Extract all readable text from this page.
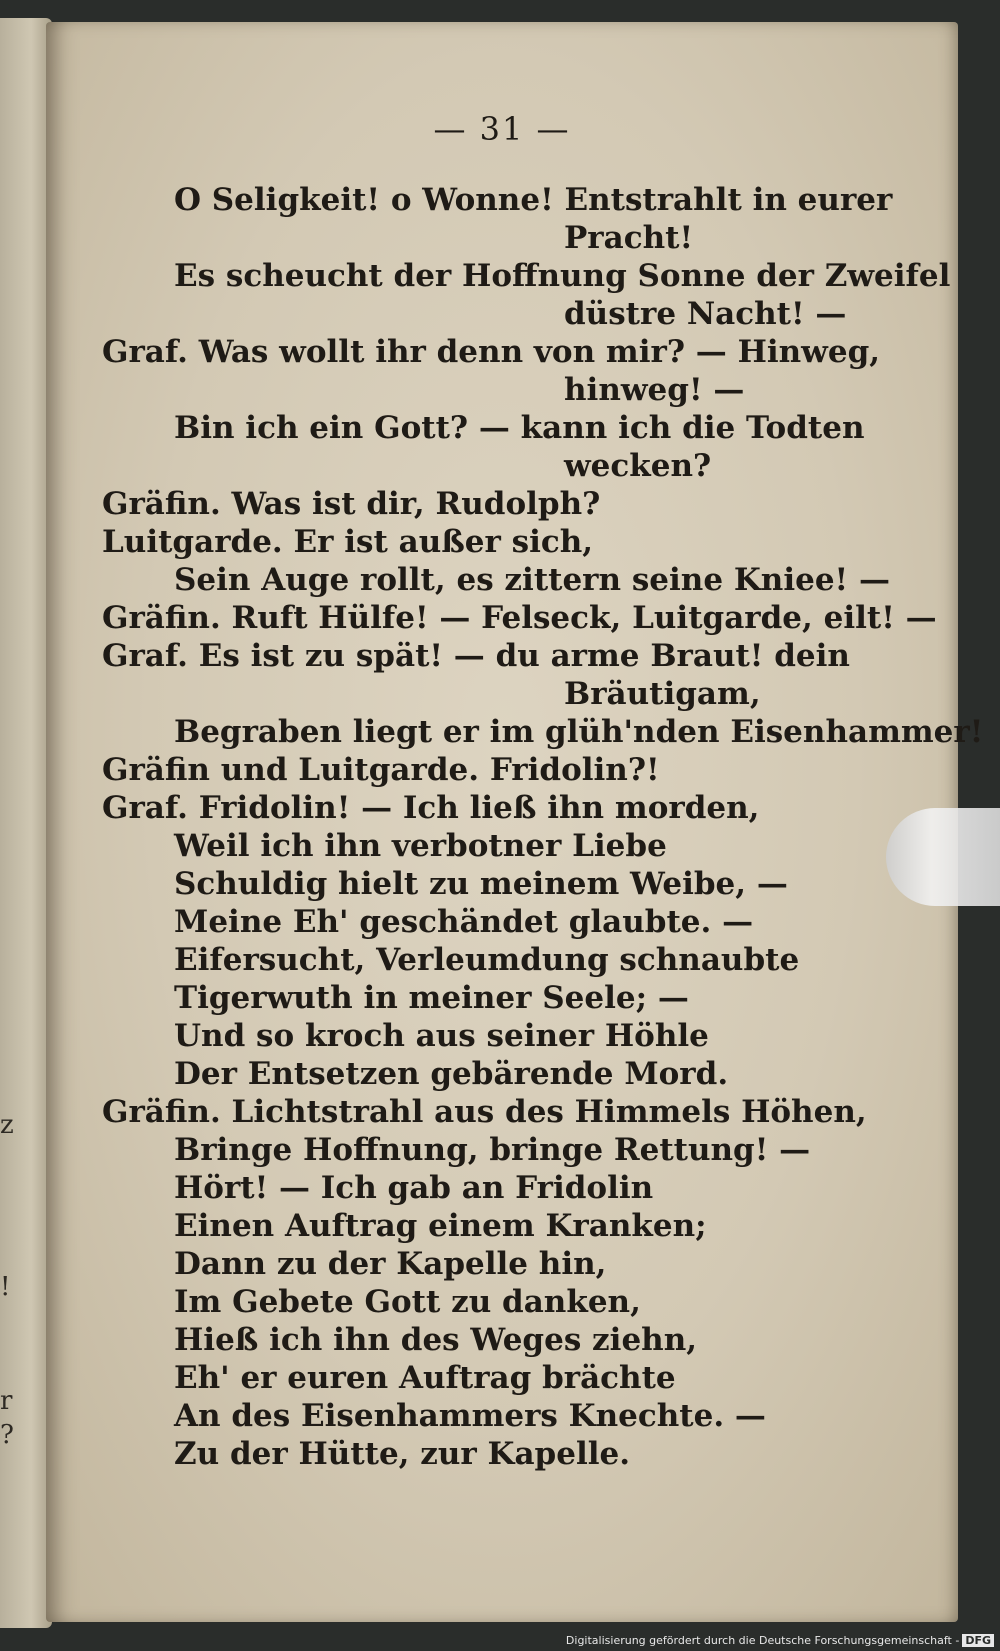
z
!
r
?
— 31 —
O Seligkeit! o Wonne! Entstrahlt in eurer
Pracht!
Es scheucht der Hoffnung Sonne der Zweifel
düstre Nacht! —
Graf. Was wollt ihr denn von mir? — Hinweg,
hinweg! —
Bin ich ein Gott? — kann ich die Todten
wecken?
Gräfin. Was ist dir, Rudolph?
Luitgarde. Er ist außer sich,
Sein Auge rollt, es zittern seine Kniee! —
Gräfin. Ruft Hülfe! — Felseck, Luitgarde, eilt! —
Graf. Es ist zu spät! — du arme Braut! dein
Bräutigam,
Begraben liegt er im glüh'nden Eisenhammer!
Gräfin und Luitgarde. Fridolin?!
Graf. Fridolin! — Ich ließ ihn morden,
Weil ich ihn verbotner Liebe
Schuldig hielt zu meinem Weibe, —
Meine Eh' geschändet glaubte. —
Eifersucht, Verleumdung schnaubte
Tigerwuth in meiner Seele; —
Und so kroch aus seiner Höhle
Der Entsetzen gebärende Mord.
Gräfin. Lichtstrahl aus des Himmels Höhen,
Bringe Hoffnung, bringe Rettung! —
Hört! — Ich gab an Fridolin
Einen Auftrag einem Kranken;
Dann zu der Kapelle hin,
Im Gebete Gott zu danken,
Hieß ich ihn des Weges ziehn,
Eh' er euren Auftrag brächte
An des Eisenhammers Knechte. —
Zu der Hütte, zur Kapelle.
Digitalisierung gefördert durch die Deutsche Forschungsgemeinschaft - DFG
